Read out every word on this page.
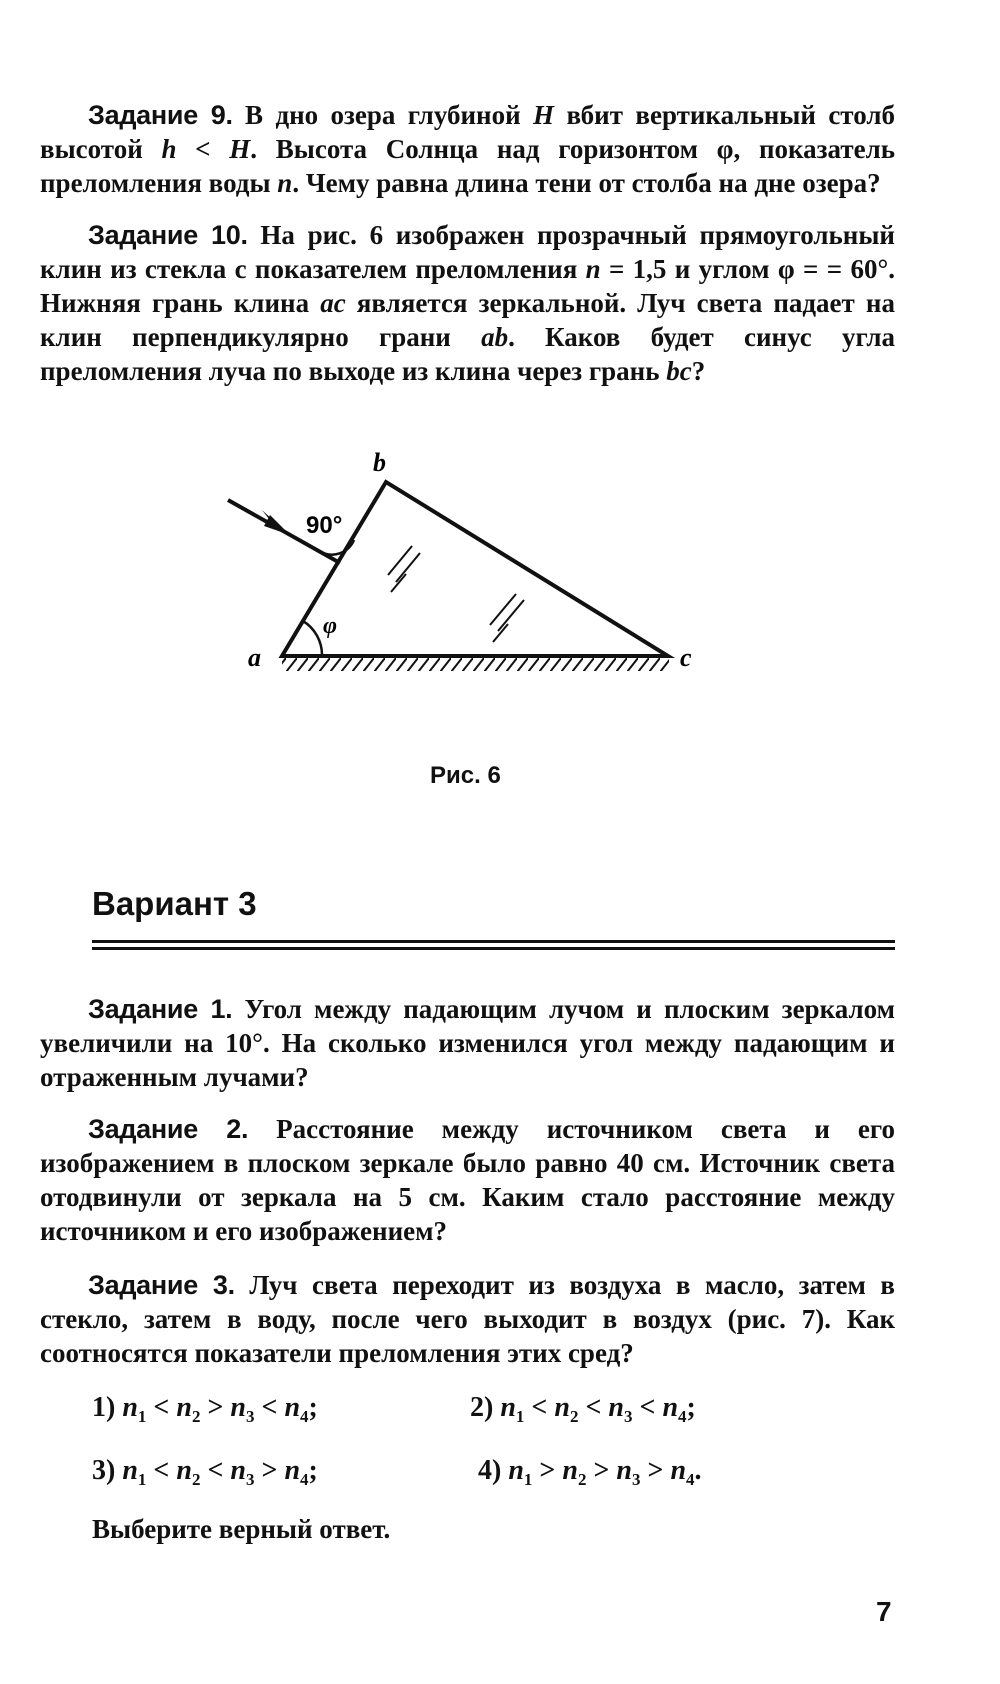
Задание 9. В дно озера глубиной H вбит вертикальный столб высотой h < H. Высота Солнца над горизонтом φ, показатель преломления воды n. Чему равна длина тени от столба на дне озера?

Задание 10. На рис. 6 изображен прозрачный прямоугольный клин из стекла с показателем преломления n = 1,5 и углом φ = = 60°. Нижняя грань клина ac является зеркальной. Луч света падает на клин перпендикулярно грани ab. Каков будет синус угла преломления луча по выходе из клина через грань bc?

b
a	c
90°
φ
Рис. 6
Вариант 3

Задание 1. Угол между падающим лучом и плоским зеркалом увеличили на 10°. На сколько изменился угол между падающим и отраженным лучами?

Задание 2. Расстояние между источником света и его изображением в плоском зеркале было равно 40 см. Источник света отодвинули от зеркала на 5 см. Каким стало расстояние между источником и его изображением?

Задание 3. Луч света переходит из воздуха в масло, затем в стекло, затем в воду, после чего выходит в воздух (рис. 7). Как соотносятся показатели преломления этих сред?

1) $n_1 < n_2 > n_3 < n_4$;	2) $n_1 < n_2 < n_3 < n_4$;
3) $n_1 < n_2 < n_3 > n_4$;	4) $n_1 > n_2 > n_3 > n_4$.
Выберите верный ответ.
7
